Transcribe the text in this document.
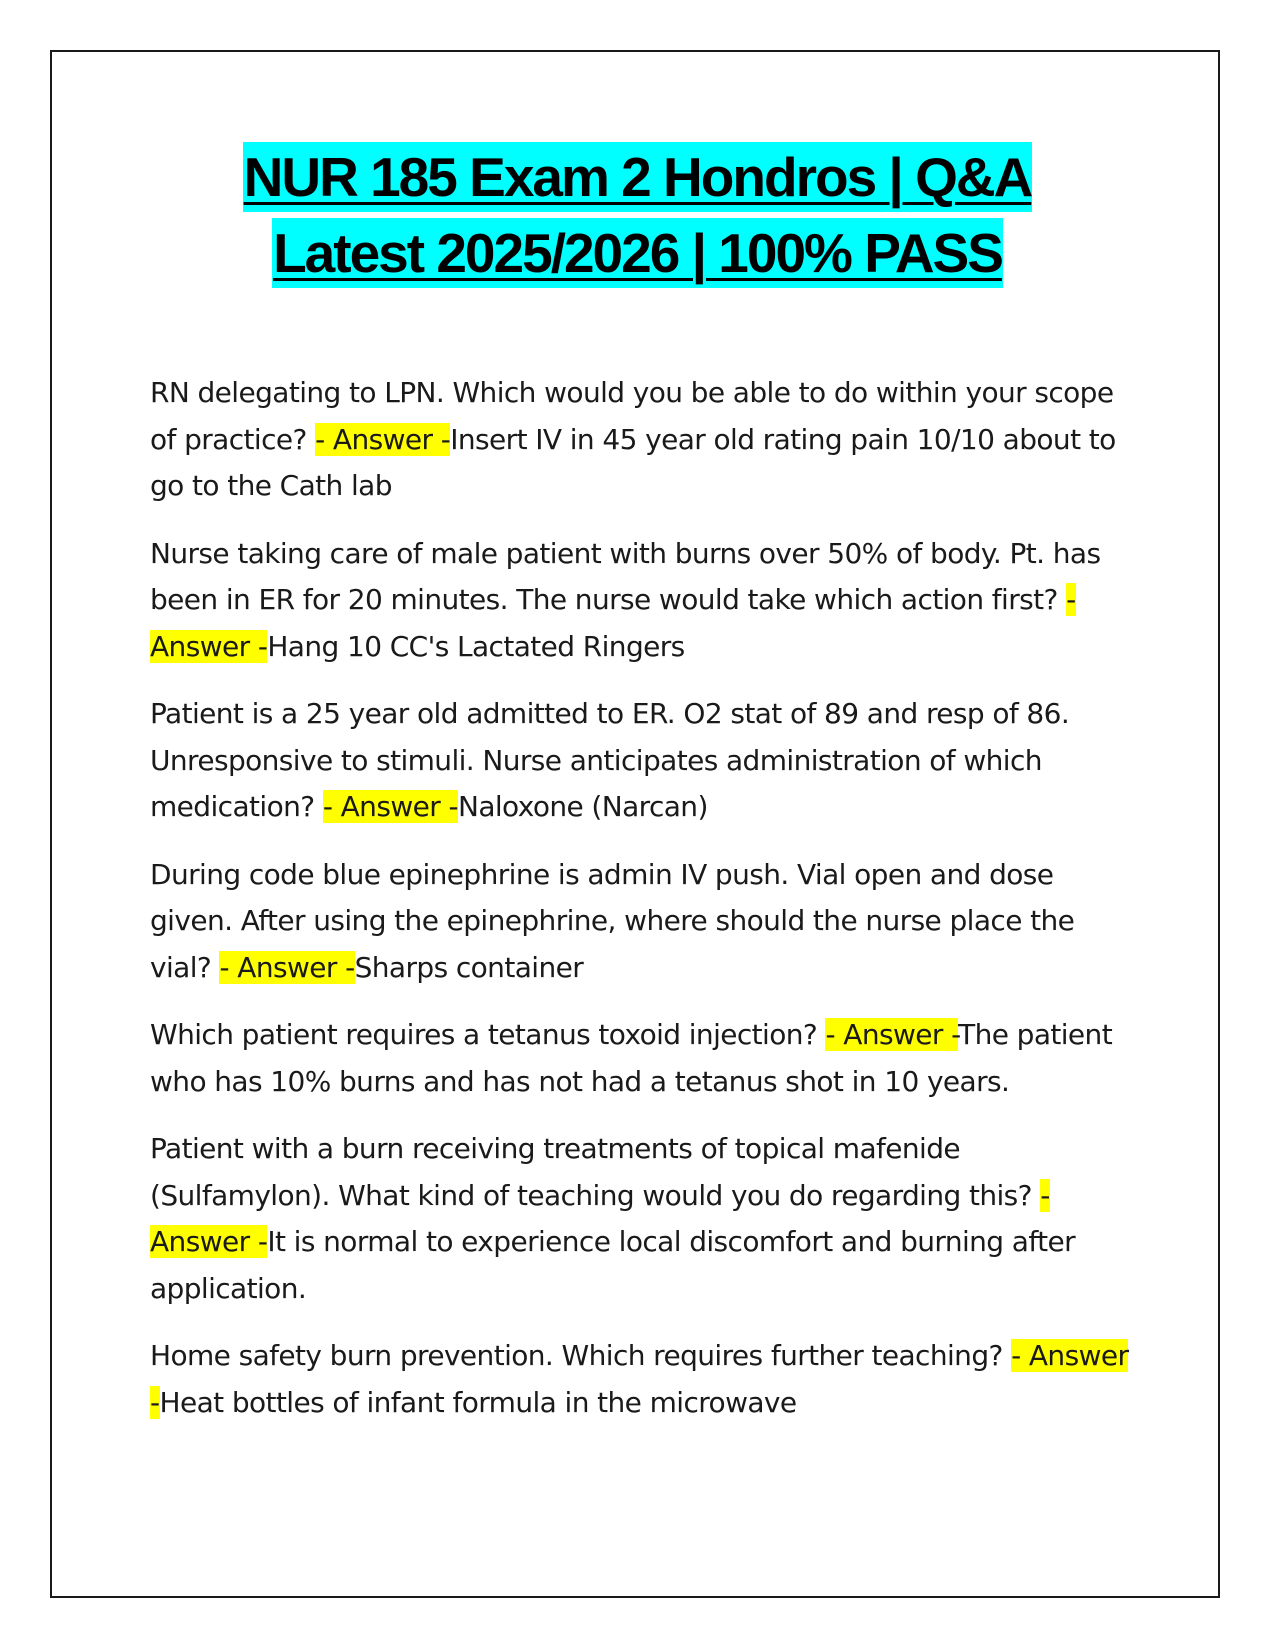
NUR 185 Exam 2 Hondros | Q&A
Latest 2025/2026 | 100% PASS

RN delegating to LPN. Which would you be able to do within your scope of practice? - Answer -Insert IV in 45 year old rating pain 10/10 about to go to the Cath lab

Nurse taking care of male patient with burns over 50% of body. Pt. has been in ER for 20 minutes. The nurse would take which action first? - Answer -Hang 10 CC's Lactated Ringers

Patient is a 25 year old admitted to ER. O2 stat of 89 and resp of 86. Unresponsive to stimuli. Nurse anticipates administration of which medication? - Answer -Naloxone (Narcan)

During code blue epinephrine is admin IV push. Vial open and dose given. After using the epinephrine, where should the nurse place the vial? - Answer -Sharps container

Which patient requires a tetanus toxoid injection? - Answer -The patient who has 10% burns and has not had a tetanus shot in 10 years.

Patient with a burn receiving treatments of topical mafenide (Sulfamylon). What kind of teaching would you do regarding this? - Answer -It is normal to experience local discomfort and burning after application.

Home safety burn prevention. Which requires further teaching? - Answer -Heat bottles of infant formula in the microwave
